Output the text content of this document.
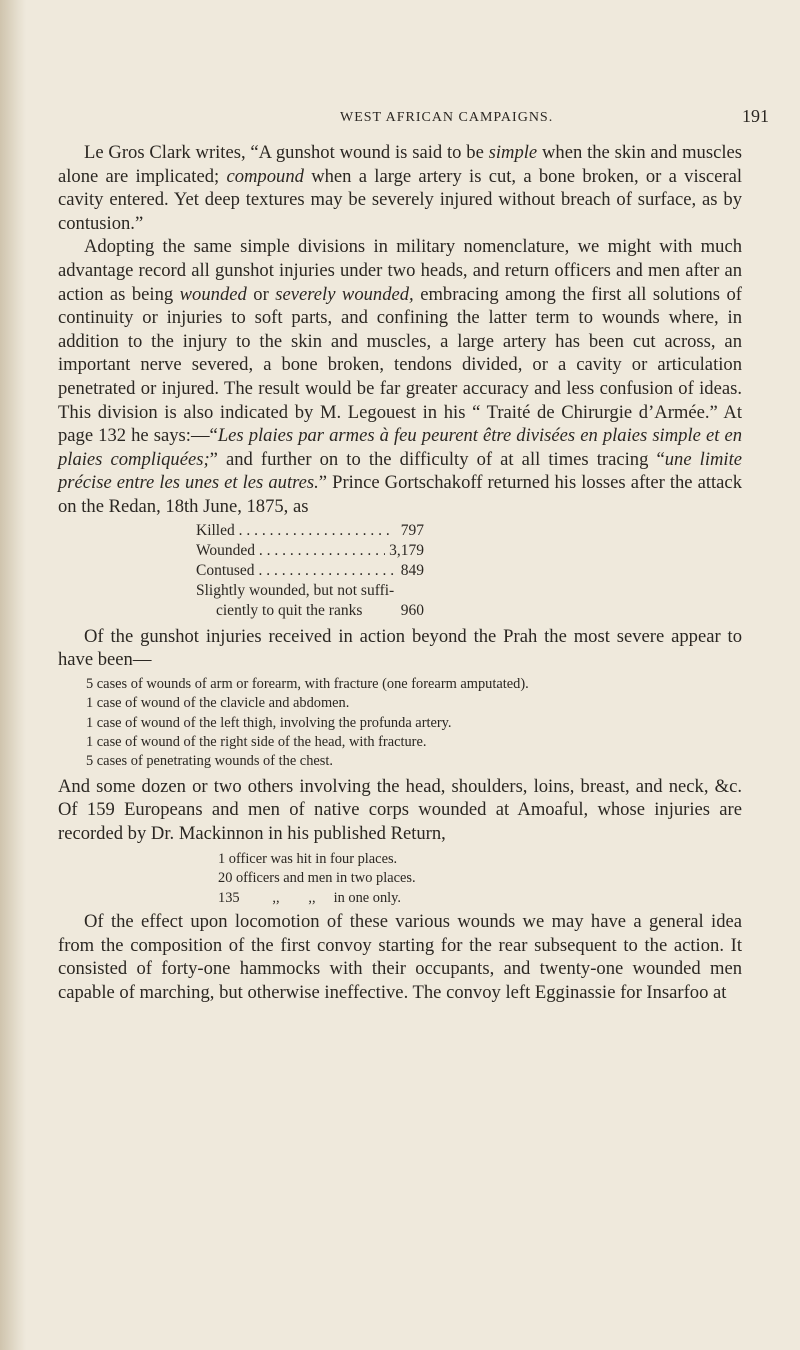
WEST AFRICAN CAMPAIGNS.	191

Le Gros Clark writes, “A gunshot wound is said to be simple when the skin and muscles alone are implicated; compound when a large artery is cut, a bone broken, or a visceral cavity entered. Yet deep textures may be severely injured without breach of surface, as by contusion.”

Adopting the same simple divisions in military nomenclature, we might with much advantage record all gunshot injuries under two heads, and return officers and men after an action as being wounded or severely wounded, embracing among the first all solutions of continuity or injuries to soft parts, and confining the latter term to wounds where, in addition to the injury to the skin and muscles, a large artery has been cut across, an important nerve severed, a bone broken, tendons divided, or a cavity or articulation penetrated or injured. The result would be far greater accuracy and less confusion of ideas. This division is also indicated by M. Legouest in his “ Traité de Chirurgie d’Armée.” At page 132 he says:—“Les plaies par armes à feu peurent être divisées en plaies simple et en plaies compliquées;” and further on to the difficulty of at all times tracing “une limite précise entre les unes et les autres.” Prince Gortschakoff returned his losses after the attack on the Redan, 18th June, 1875, as

Killed . . .	797
Wounded . . .	3,179
Contused . . .	849
Slightly wounded, but not suffi-
ciently to quit the ranks	960

Of the gunshot injuries received in action beyond the Prah the most severe appear to have been—

5 cases of wounds of arm or forearm, with fracture (one forearm amputated).
1 case of wound of the clavicle and abdomen.
1 case of wound of the left thigh, involving the profunda artery.
1 case of wound of the right side of the head, with fracture.
5 cases of penetrating wounds of the chest.

And some dozen or two others involving the head, shoulders, loins, breast, and neck, &c. Of 159 Europeans and men of native corps wounded at Amoaful, whose injuries are recorded by Dr. Mackinnon in his published Return,

1 officer was hit in four places.
20 officers and men in two places.
135 ,, ,, in one only.

Of the effect upon locomotion of these various wounds we may have a general idea from the composition of the first convoy starting for the rear subsequent to the action. It consisted of forty-one hammocks with their occupants, and twenty-one wounded men capable of marching, but otherwise ineffective. The convoy left Egginassie for Insarfoo at
